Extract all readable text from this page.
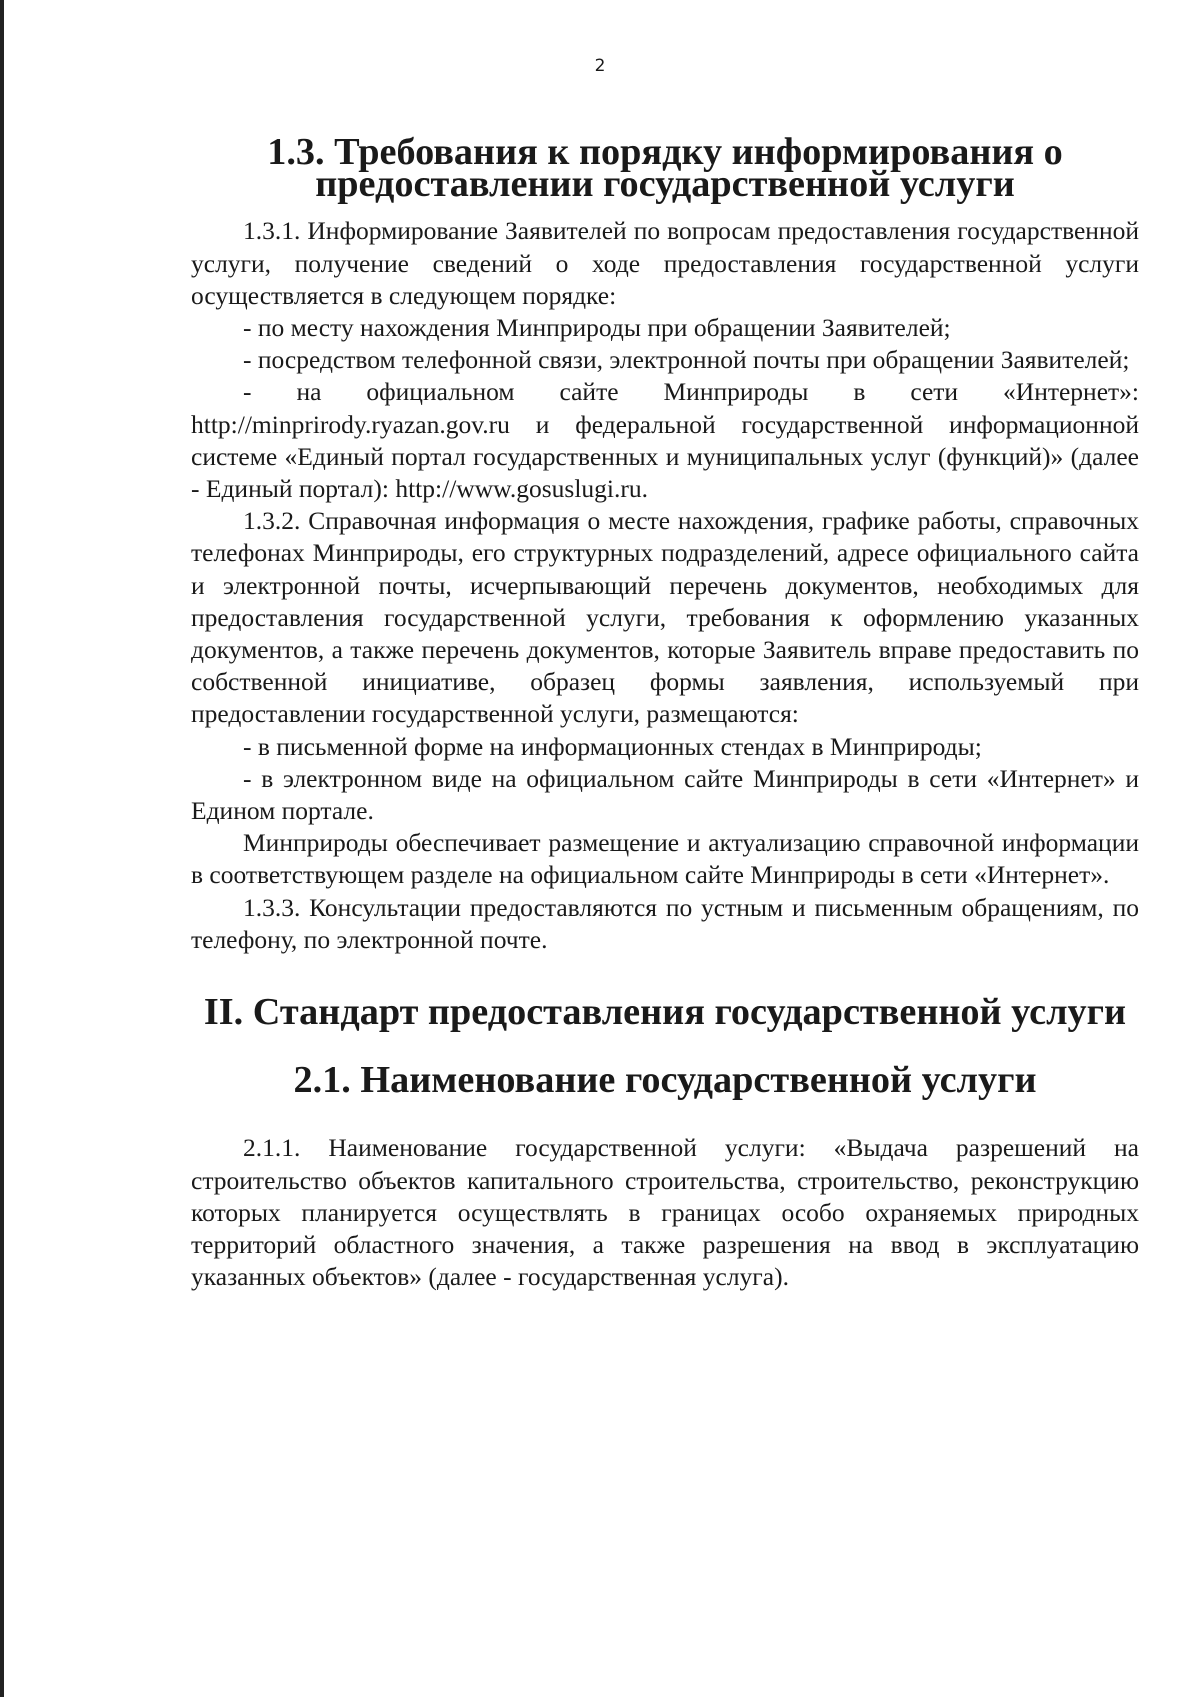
2
1.3. Требования к порядку информирования о предоставлении государственной услуги

1.3.1. Информирование Заявителей по вопросам предоставления государственной услуги, получение сведений о ходе предоставления государственной услуги осуществляется в следующем порядке:

- по месту нахождения Минприроды при обращении Заявителей;

- посредством телефонной связи, электронной почты при обращении Заявителей;

- на официальном сайте Минприроды в сети «Интернет»: http://minprirody.ryazan.gov.ru и федеральной государственной информационной системе «Единый портал государственных и муниципальных услуг (функций)» (далее - Единый портал): http://www.gosuslugi.ru.

1.3.2. Справочная информация о месте нахождения, графике работы, справочных телефонах Минприроды, его структурных подразделений, адресе официального сайта и электронной почты, исчерпывающий перечень документов, необходимых для предоставления государственной услуги, требования к оформлению указанных документов, а также перечень документов, которые Заявитель вправе предоставить по собственной инициативе, образец формы заявления, используемый при предоставлении государственной услуги, размещаются:

- в письменной форме на информационных стендах в Минприроды;

- в электронном виде на официальном сайте Минприроды в сети «Интернет» и Едином портале.

Минприроды обеспечивает размещение и актуализацию справочной информации в соответствующем разделе на официальном сайте Минприроды в сети «Интернет».

1.3.3. Консультации предоставляются по устным и письменным обращениям, по телефону, по электронной почте.

II. Стандарт предоставления государственной услуги
2.1. Наименование государственной услуги

2.1.1. Наименование государственной услуги: «Выдача разрешений на строительство объектов капитального строительства, строительство, реконструкцию которых планируется осуществлять в границах особо охраняемых природных территорий областного значения, а также разрешения на ввод в эксплуатацию указанных объектов» (далее - государственная услуга).
